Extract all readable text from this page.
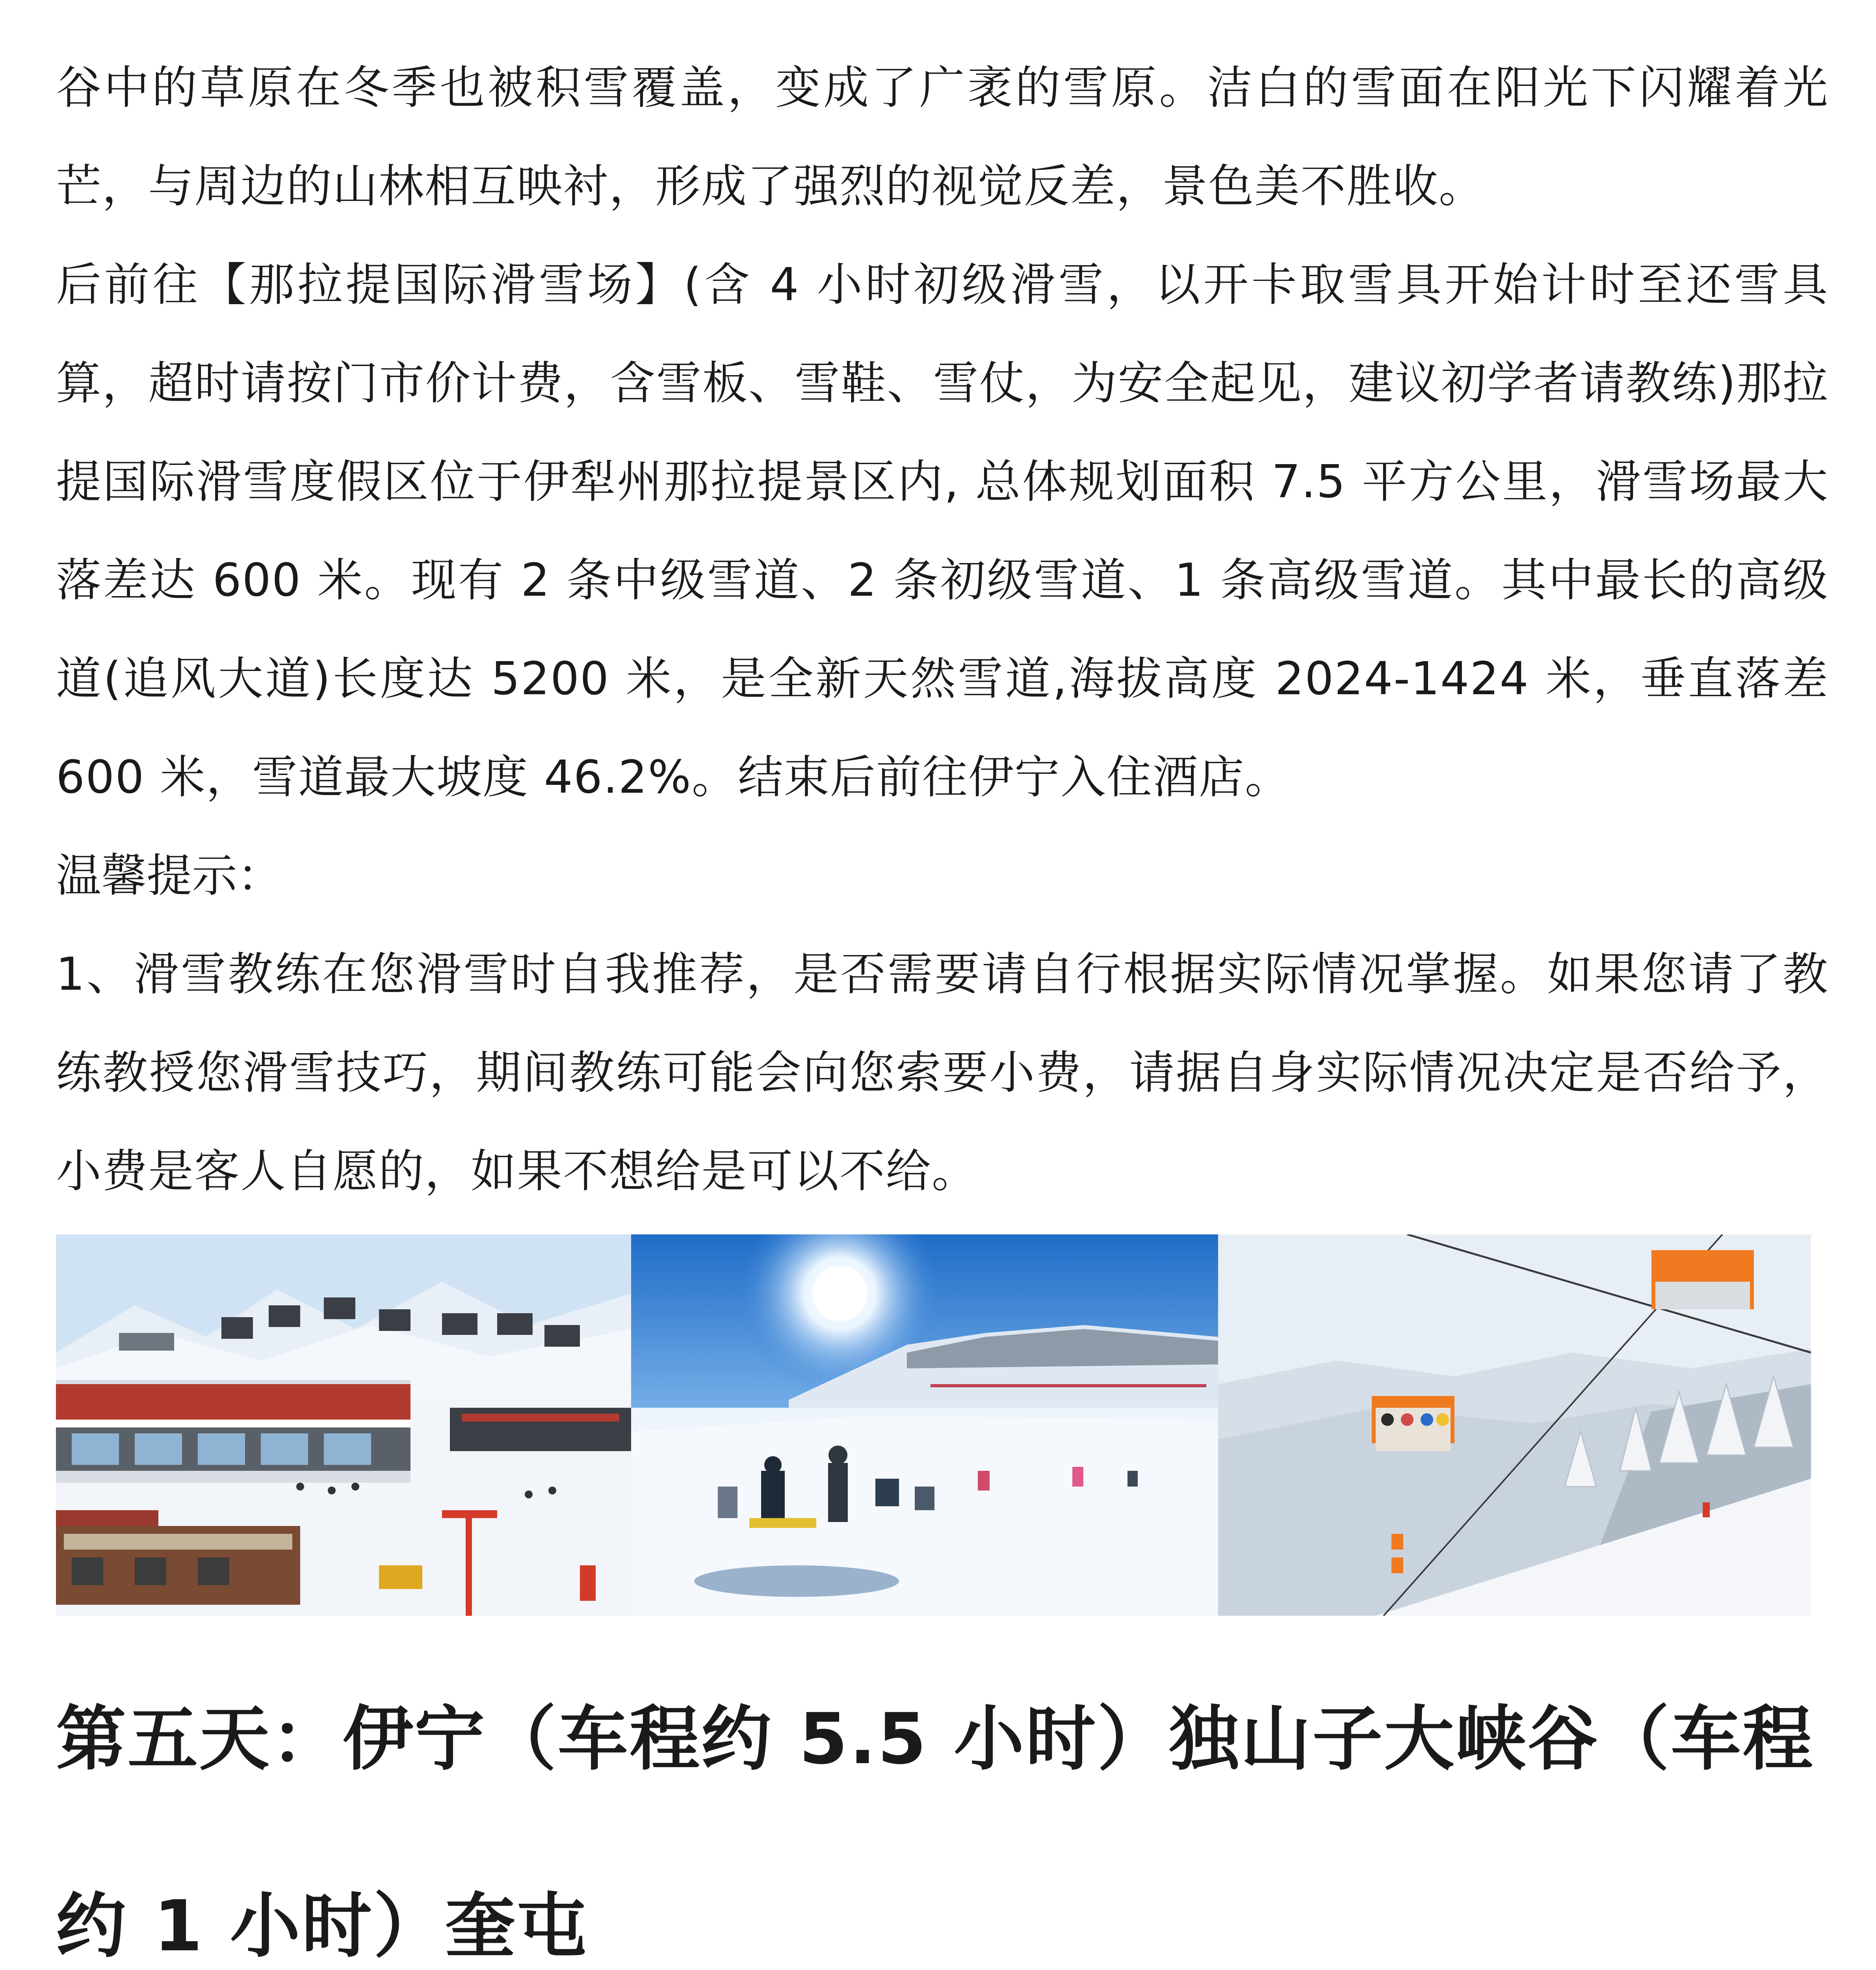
谷中的草原在冬季也被积雪覆盖，变成了广袤的雪原。洁白的雪面在阳光下闪耀着光芒，与周边的山林相互映衬，形成了强烈的视觉反差，景色美不胜收。

后前往【那拉提国际滑雪场】(含 4 小时初级滑雪，以开卡取雪具开始计时至还雪具算，超时请按门市价计费，含雪板、雪鞋、雪仗，为安全起见，建议初学者请教练)那拉提国际滑雪度假区位于伊犁州那拉提景区内, 总体规划面积 7.5 平方公里，滑雪场最大落差达 600 米。现有 2 条中级雪道、2 条初级雪道、1 条高级雪道。其中最长的高级道(追风大道)长度达 5200 米，是全新天然雪道,海拔高度 2024-1424 米，垂直落差 600 米，雪道最大坡度 46.2%。结束后前往伊宁入住酒店。

温馨提示：

1、滑雪教练在您滑雪时自我推荐，是否需要请自行根据实际情况掌握。如果您请了教练教授您滑雪技巧，期间教练可能会向您索要小费，请据自身实际情况决定是否给予，小费是客人自愿的，如果不想给是可以不给。

第五天：伊宁（车程约 5.5 小时）独山子大峡谷（车程约 1 小时）奎屯
